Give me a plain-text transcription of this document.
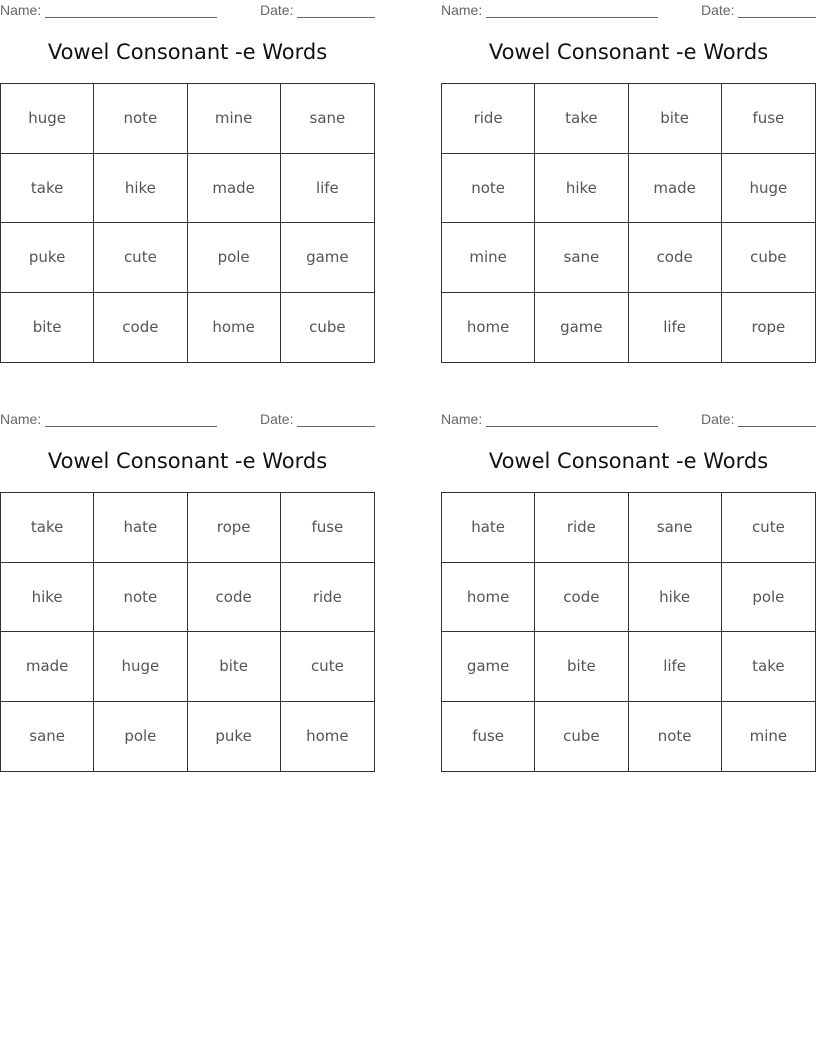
Name:	Date:
Vowel Consonant -e Words
huge	note	mine	sane
take	hike	made	life
puke	cute	pole	game
bite	code	home	cube
Name:	Date:
Vowel Consonant -e Words
ride	take	bite	fuse
note	hike	made	huge
mine	sane	code	cube
home	game	life	rope
Name:	Date:
Vowel Consonant -e Words
take	hate	rope	fuse
hike	note	code	ride
made	huge	bite	cute
sane	pole	puke	home
Name:	Date:
Vowel Consonant -e Words
hate	ride	sane	cute
home	code	hike	pole
game	bite	life	take
fuse	cube	note	mine
